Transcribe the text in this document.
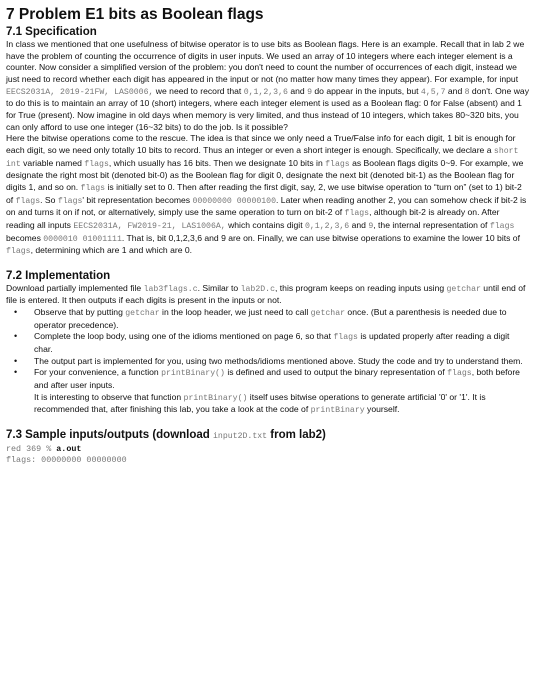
7 Problem E1 bits as Boolean flags
7.1 Specification

In class we mentioned that one usefulness of bitwise operator is to use bits as Boolean flags. Here is an example. Recall that in lab 2 we have the problem of counting the occurrence of digits in user inputs. We used an array of 10 integers where each integer element is a counter. Now consider a simplified version of the problem: you don't need to count the number of occurrences of each digit, instead we just need to record whether each digit has appeared in the input or not (no matter how many times they appear). For example, for input EECS2031A, 2019-21FW, LAS0006, we need to record that 0,1,2,3,6 and 9 do appear in the inputs, but 4,5,7 and 8 don't. One way to do this is to maintain an array of 10 (short) integers, where each integer element is used as a Boolean flag: 0 for False (absent) and 1 for True (present). Now imagine in old days when memory is very limited, and thus instead of 10 integers, which takes 80~320 bits, you can only afford to use one integer (16~32 bits) to do the job. Is it possible?

Here the bitwise operations come to the rescue. The idea is that since we only need a True/False info for each digit, 1 bit is enough for each digit, so we need only totally 10 bits to record. Thus an integer or even a short integer is enough. Specifically, we declare a short int variable named flags, which usually has 16 bits. Then we designate 10 bits in flags as Boolean flags digits 0~9. For example, we designate the right most bit (denoted bit-0) as the Boolean flag for digit 0, designate the next bit (denoted bit-1) as the Boolean flag for digits 1, and so on. flags is initially set to 0. Then after reading the first digit, say, 2, we use bitwise operation to “turn on” (set to 1) bit-2 of flags. So flags' bit representation becomes 00000000 00000100. Later when reading another 2, you can somehow check if bit-2 is on and turns it on if not, or alternatively, simply use the same operation to turn on bit-2 of flags, although bit-2 is already on. After reading all inputs EECS2031A, FW2019-21, LAS1006A, which contains digit 0,1,2,3,6 and 9, the internal representation of flags becomes 0000010 01001111. That is, bit 0,1,2,3,6 and 9 are on. Finally, we can use bitwise operations to examine the lower 10 bits of flags, determining which are 1 and which are 0.

7.2 Implementation

Download partially implemented file lab3flags.c. Similar to lab2D.c, this program keeps on reading inputs using getchar until end of file is entered. It then outputs if each digits is present in the inputs or not.

• Observe that by putting getchar in the loop header, we just need to call getchar once. (But a parenthesis is needed due to operator precedence).
• Complete the loop body, using one of the idioms mentioned on page 6, so that flags is updated properly after reading a digit char.
• The output part is implemented for you, using two methods/idioms mentioned above. Study the code and try to understand them.
• For your convenience, a function printBinary() is defined and used to output the binary representation of flags, both before and after user inputs.
It is interesting to observe that function printBinary() itself uses bitwise operations to generate artificial '0' or '1'. It is recommended that, after finishing this lab, you take a look at the code of printBinary yourself.
7.3 Sample inputs/outputs (download input2D.txt from lab2)
red 369 % a.out
flags: 00000000 00000000
